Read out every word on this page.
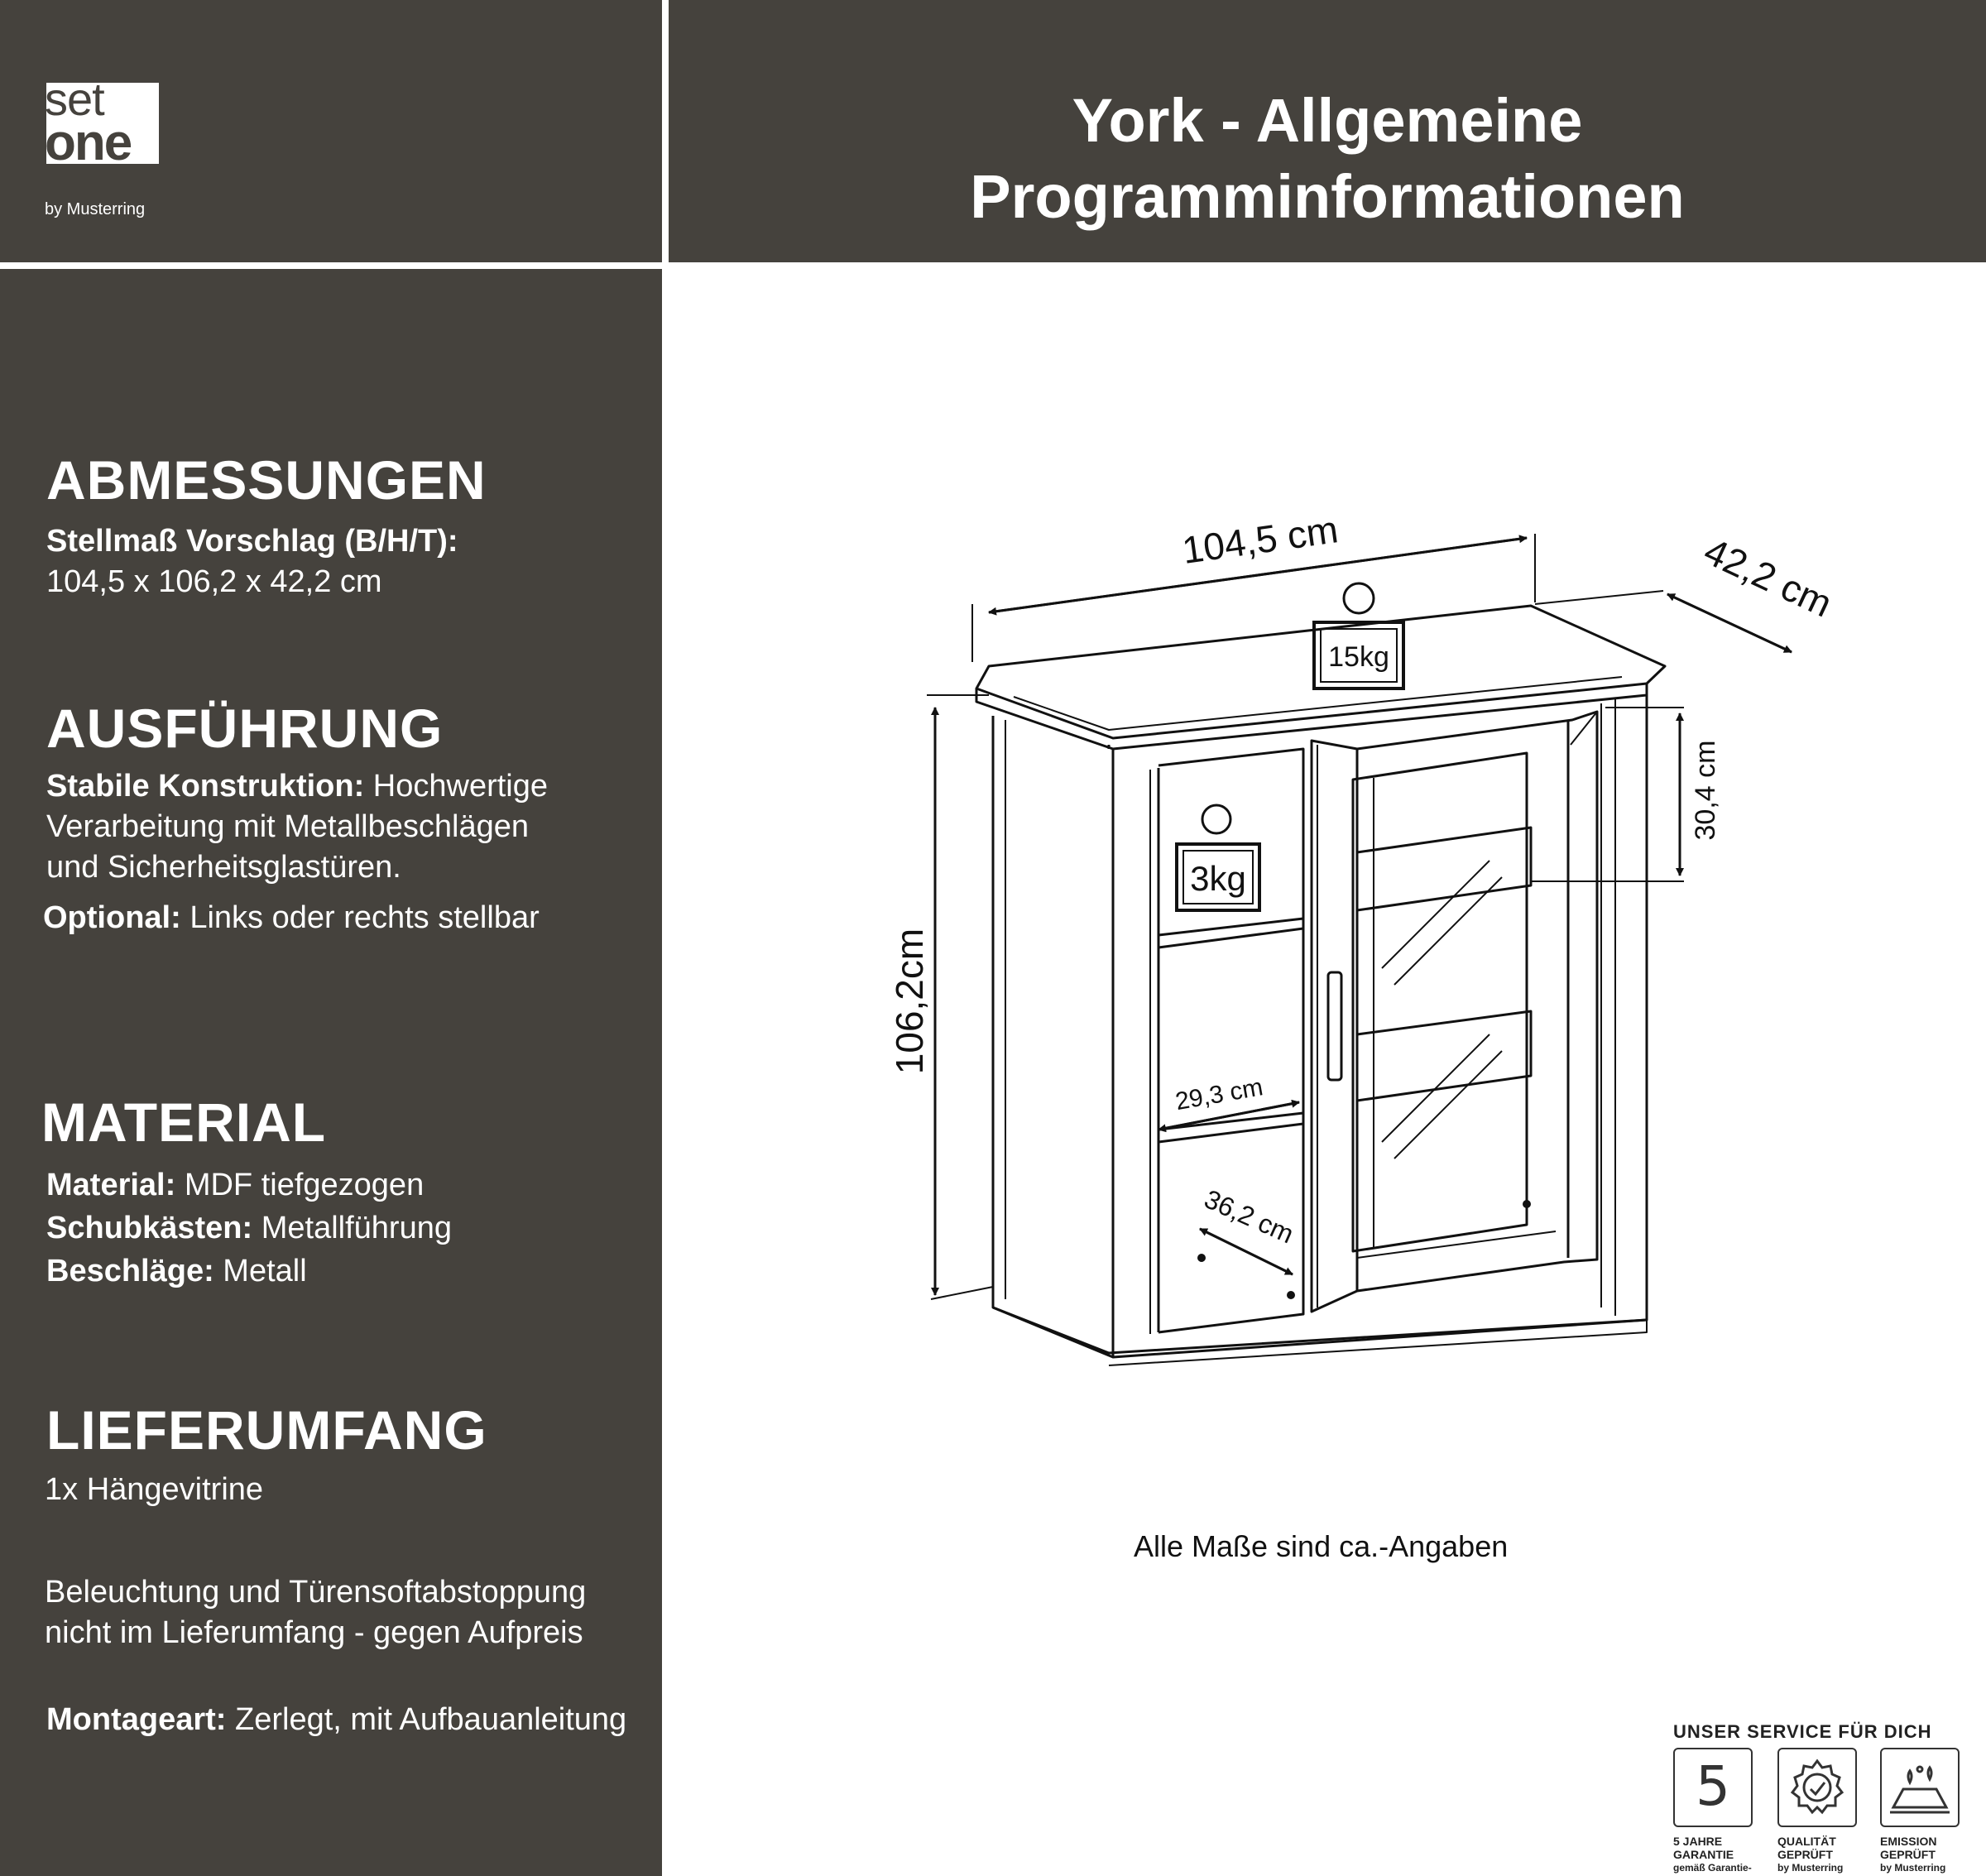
set
one
by Musterring
York - Allgemeine
Programminformationen
ABMESSUNGEN
Stellmaß Vorschlag (B/H/T):
104,5 x 106,2 x 42,2 cm
AUSFÜHRUNG
Stabile Konstruktion: Hochwertige
Verarbeitung mit Metallbeschlägen
und Sicherheitsglastüren.
Optional: Links oder rechts stellbar
MATERIAL
Material: MDF tiefgezogen
Schubkästen: Metallführung
Beschläge: Metall
LIEFERUMFANG
1x Hängevitrine
Beleuchtung und Türensoftabstoppung
nicht im Lieferumfang - gegen Aufpreis
Montageart: Zerlegt, mit Aufbauanleitung
15kg
3kg
104,5 cm	42,2 cm
106,2cm
30,4 cm
29,3 cm
36,2 cm
Alle Maße sind ca.-Angaben
UNSER SERVICE FÜR DICH
5
5 JAHRE
GARANTIE
gemäß Garantie-
QUALITÄT
GEPRÜFT
by Musterring
EMISSION
GEPRÜFT
by Musterring
